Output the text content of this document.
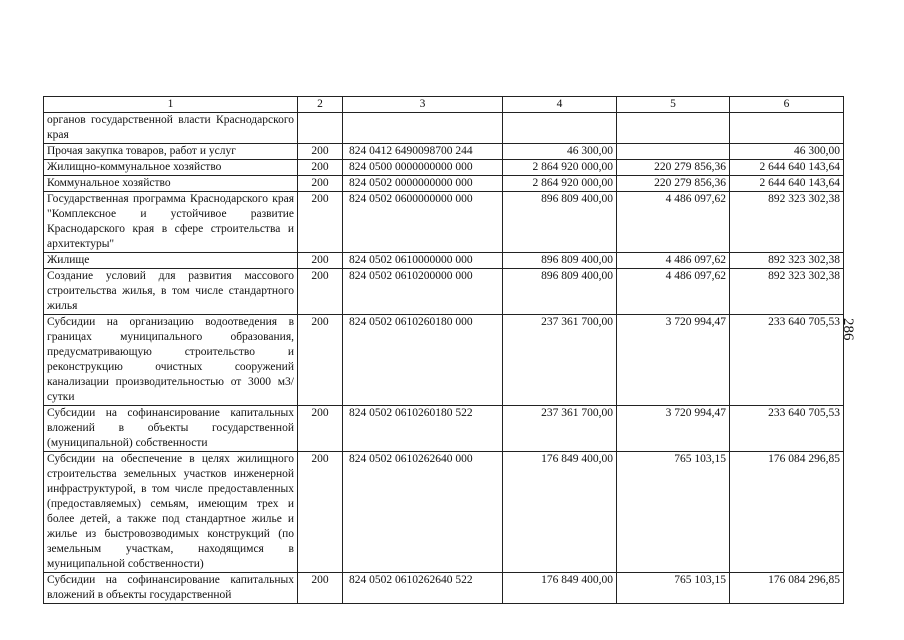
1	2	3	4	5	6
органов государственной власти Краснодарского края					
Прочая закупка товаров, работ и услуг	200	824 0412 6490098700 244	46 300,00		46 300,00
Жилищно-коммунальное хозяйство	200	824 0500 0000000000 000	2 864 920 000,00	220 279 856,36	2 644 640 143,64
Коммунальное хозяйство	200	824 0502 0000000000 000	2 864 920 000,00	220 279 856,36	2 644 640 143,64
Государственная программа Краснодарского края "Комплексное и устойчивое развитие Краснодарского края в сфере строительства и архитектуры"	200	824 0502 0600000000 000	896 809 400,00	4 486 097,62	892 323 302,38
Жилище	200	824 0502 0610000000 000	896 809 400,00	4 486 097,62	892 323 302,38
Создание условий для развития массового строительства жилья, в том числе стандартного жилья	200	824 0502 0610200000 000	896 809 400,00	4 486 097,62	892 323 302,38
Субсидии на организацию водоотведения в границах муниципального образования, предусматривающую строительство и реконструкцию очистных сооружений канализации производительностью от 3000 м3/сутки	200	824 0502 0610260180 000	237 361 700,00	3 720 994,47	233 640 705,53
Субсидии на софинансирование капитальных вложений в объекты государственной (муниципальной) собственности	200	824 0502 0610260180 522	237 361 700,00	3 720 994,47	233 640 705,53
Субсидии на обеспечение в целях жилищного строительства земельных участков инженерной инфраструктурой, в том числе предоставленных (предоставляемых) семьям, имеющим трех и более детей, а также под стандартное жилье и жилье из быстровозводимых конструкций (по земельным участкам, находящимся в муниципальной собственности)	200	824 0502 0610262640 000	176 849 400,00	765 103,15	176 084 296,85
Субсидии на софинансирование капитальных вложений в объекты государственной	200	824 0502 0610262640 522	176 849 400,00	765 103,15	176 084 296,85
286
